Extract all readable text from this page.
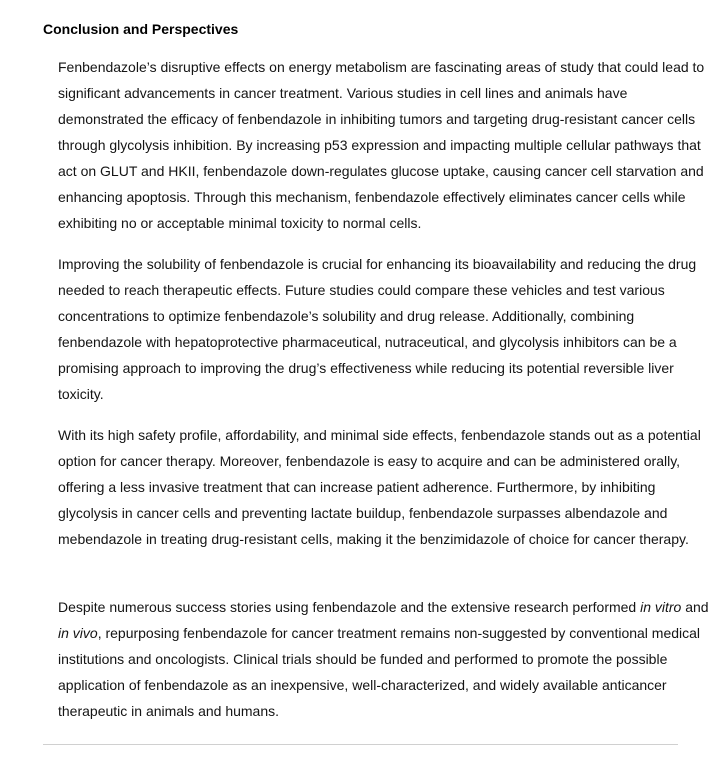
Conclusion and Perspectives

Fenbendazole’s disruptive effects on energy metabolism are fascinating areas of study that could lead to significant advancements in cancer treatment. Various studies in cell lines and animals have demonstrated the efficacy of fenbendazole in inhibiting tumors and targeting drug-resistant cancer cells through glycolysis inhibition. By increasing p53 expression and impacting multiple cellular pathways that act on GLUT and HKII, fenbendazole down-regulates glucose uptake, causing cancer cell starvation and enhancing apoptosis. Through this mechanism, fenbendazole effectively eliminates cancer cells while exhibiting no or acceptable minimal toxicity to normal cells.

Improving the solubility of fenbendazole is crucial for enhancing its bioavailability and reducing the drug needed to reach therapeutic effects. Future studies could compare these vehicles and test various concentrations to optimize fenbendazole’s solubility and drug release. Additionally, combining fenbendazole with hepatoprotective pharmaceutical, nutraceutical, and glycolysis inhibitors can be a promising approach to improving the drug’s effectiveness while reducing its potential reversible liver toxicity.

With its high safety profile, affordability, and minimal side effects, fenbendazole stands out as a potential option for cancer therapy. Moreover, fenbendazole is easy to acquire and can be administered orally, offering a less invasive treatment that can increase patient adherence. Furthermore, by inhibiting glycolysis in cancer cells and preventing lactate buildup, fenbendazole surpasses albendazole and mebendazole in treating drug-resistant cells, making it the benzimidazole of choice for cancer therapy.

Despite numerous success stories using fenbendazole and the extensive research performed in vitro and in vivo, repurposing fenbendazole for cancer treatment remains non-suggested by conventional medical institutions and oncologists. Clinical trials should be funded and performed to promote the possible application of fenbendazole as an inexpensive, well-characterized, and widely available anticancer therapeutic in animals and humans.
